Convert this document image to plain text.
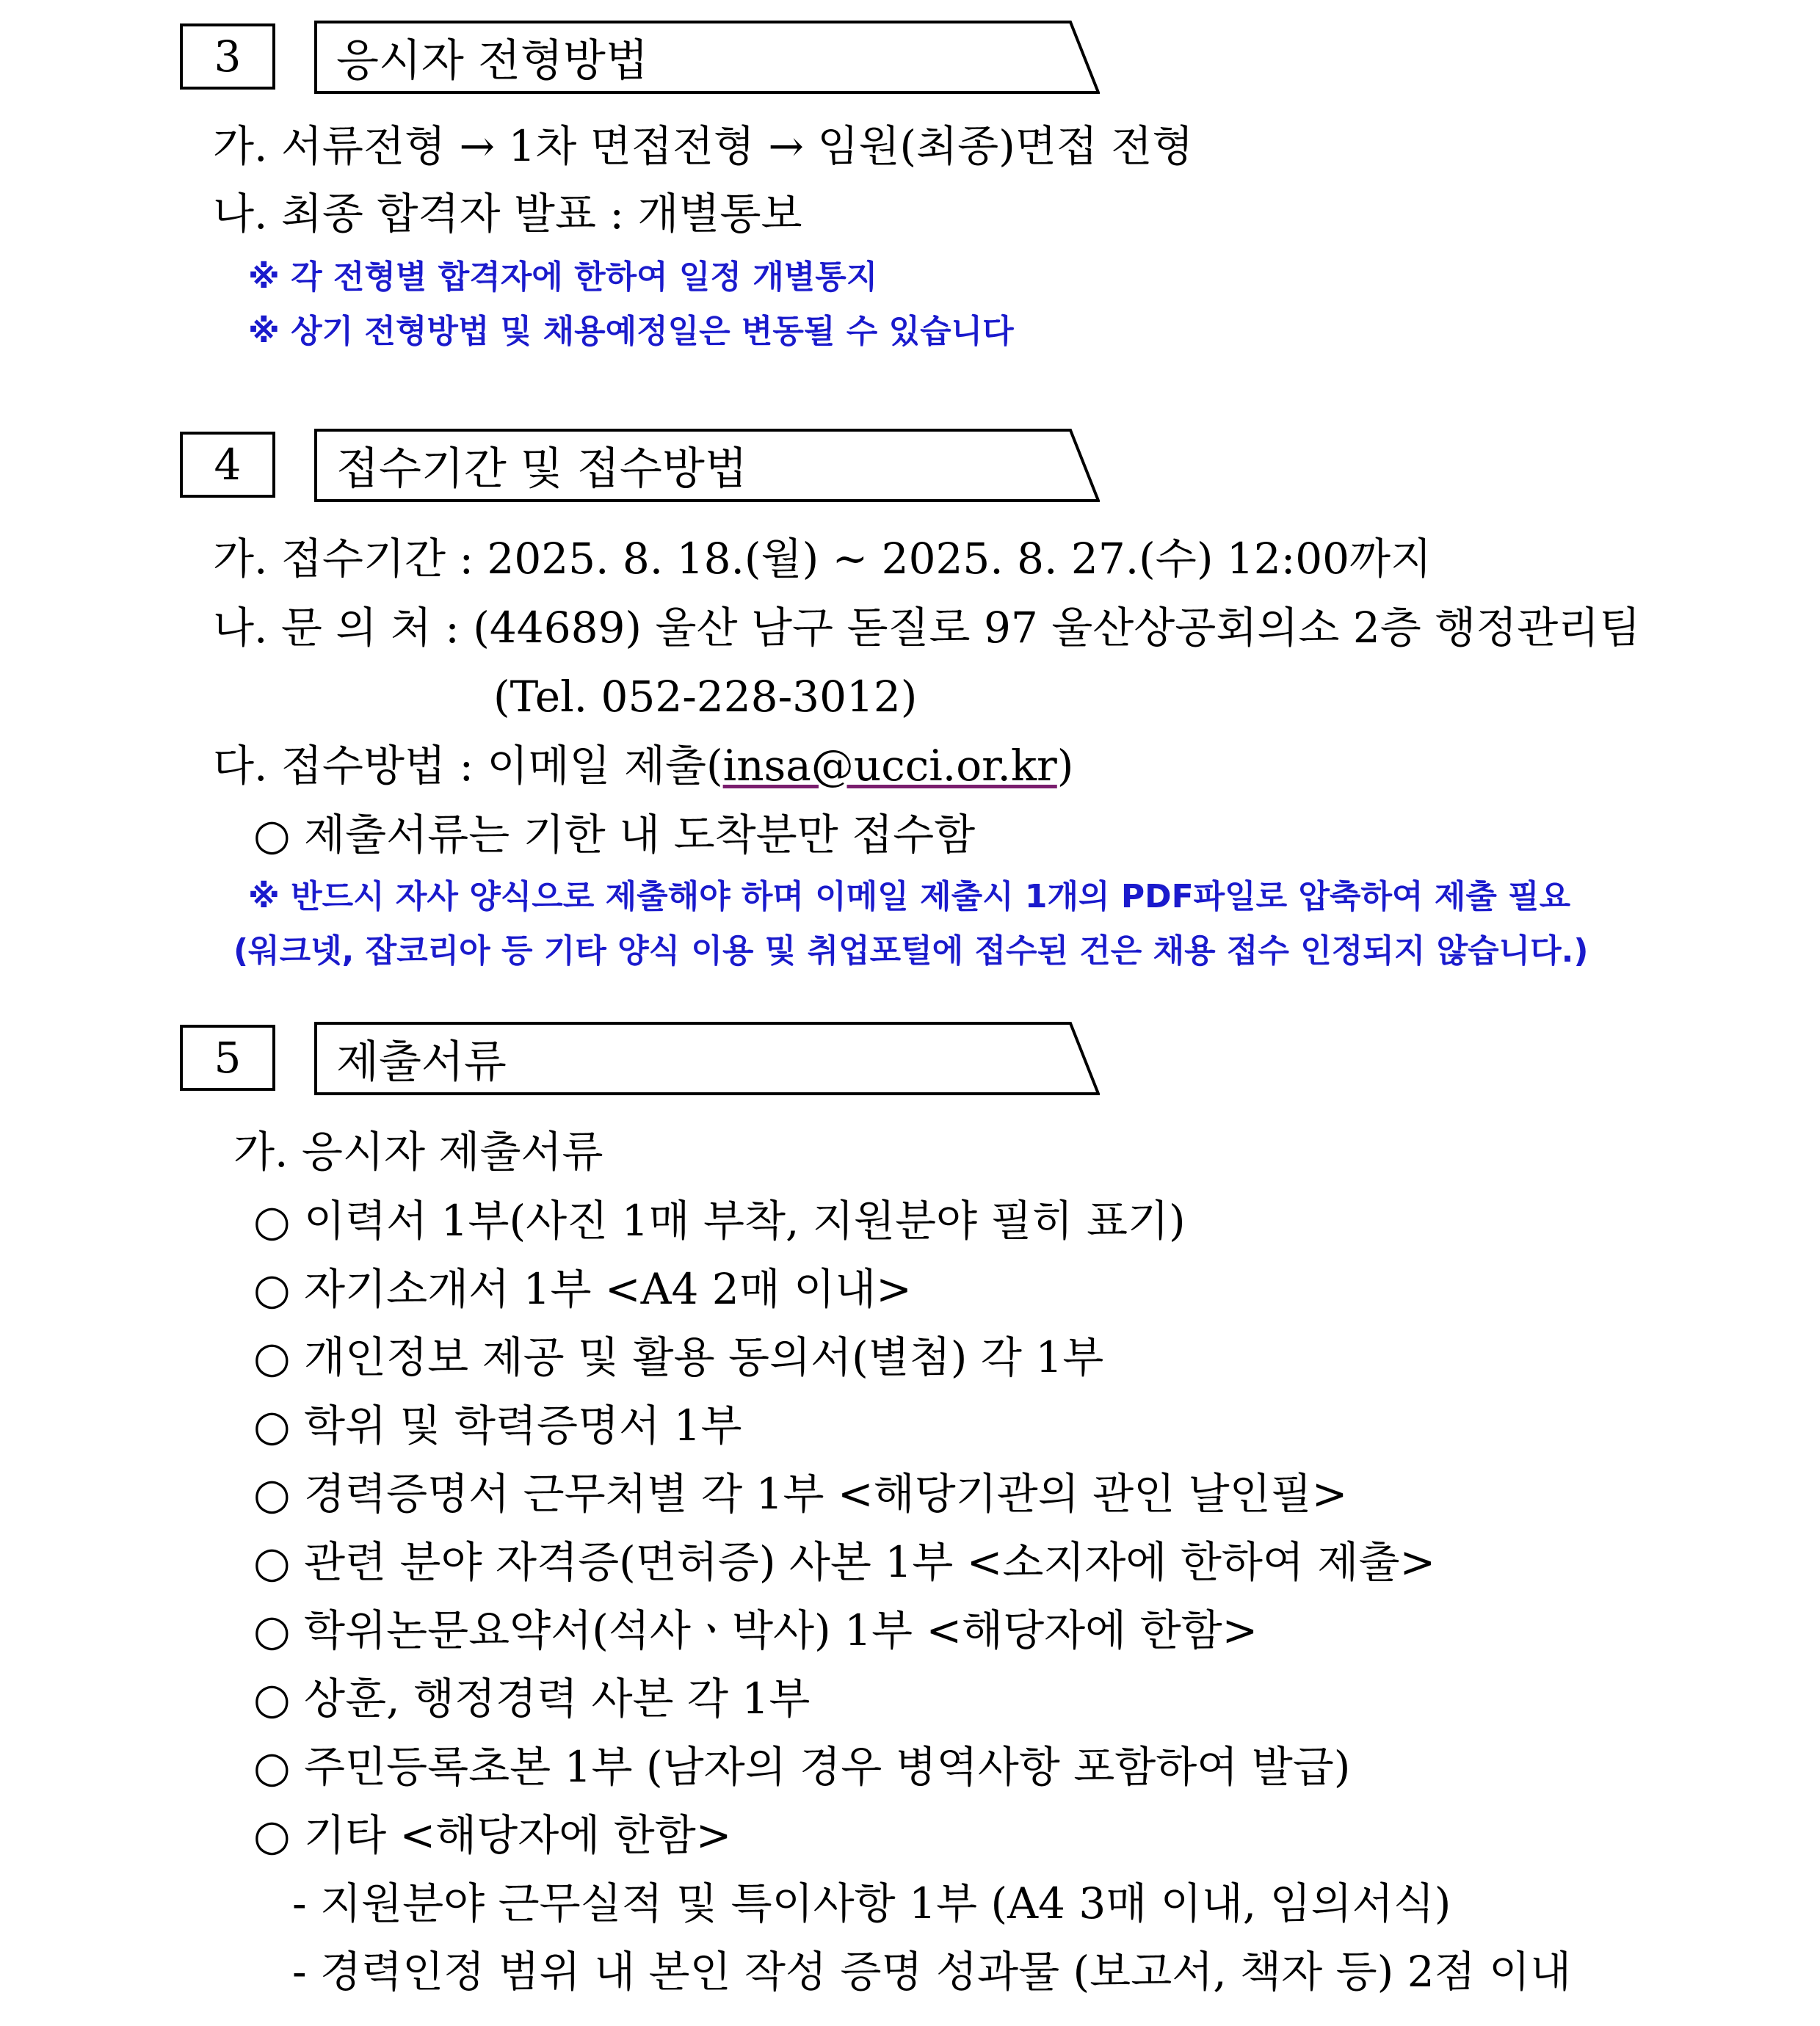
3 응시자 전형방법
가. 서류전형 → 1차 면접전형 → 임원(최종)면접 전형
나. 최종 합격자 발표 : 개별통보
※ 각 전형별 합격자에 한하여 일정 개별통지
※ 상기 전형방법 및 채용예정일은 변동될 수 있습니다
4 접수기간 및 접수방법
가. 접수기간 : 2025. 8. 18.(월) ~ 2025. 8. 27.(수) 12:00까지
나. 문 의 처 : (44689) 울산 남구 돋질로 97 울산상공회의소 2층 행정관리팀
(Tel. 052-228-3012)
다. 접수방법 : 이메일 제출(insa@ucci.or.kr)
○ 제출서류는 기한 내 도착분만 접수함
※ 반드시 자사 양식으로 제출해야 하며 이메일 제출시 1개의 PDF파일로 압축하여 제출 필요
(워크넷, 잡코리아 등 기타 양식 이용 및 취업포털에 접수된 건은 채용 접수 인정되지 않습니다.)
5 제출서류
가. 응시자 제출서류
○ 이력서 1부(사진 1매 부착, 지원분야 필히 표기)
○ 자기소개서 1부 <A4 2매 이내>
○ 개인정보 제공 및 활용 동의서(별첨) 각 1부
○ 학위 및 학력증명서 1부
○ 경력증명서 근무처별 각 1부 <해당기관의 관인 날인필>
○ 관련 분야 자격증(면허증) 사본 1부 <소지자에 한하여 제출>
○ 학위논문요약서(석사ㆍ박사) 1부 <해당자에 한함>
○ 상훈, 행정경력 사본 각 1부
○ 주민등록초본 1부 (남자의 경우 병역사항 포함하여 발급)
○ 기타 <해당자에 한함>
- 지원분야 근무실적 및 특이사항 1부 (A4 3매 이내, 임의서식)
- 경력인정 범위 내 본인 작성 증명 성과물 (보고서, 책자 등) 2점 이내
